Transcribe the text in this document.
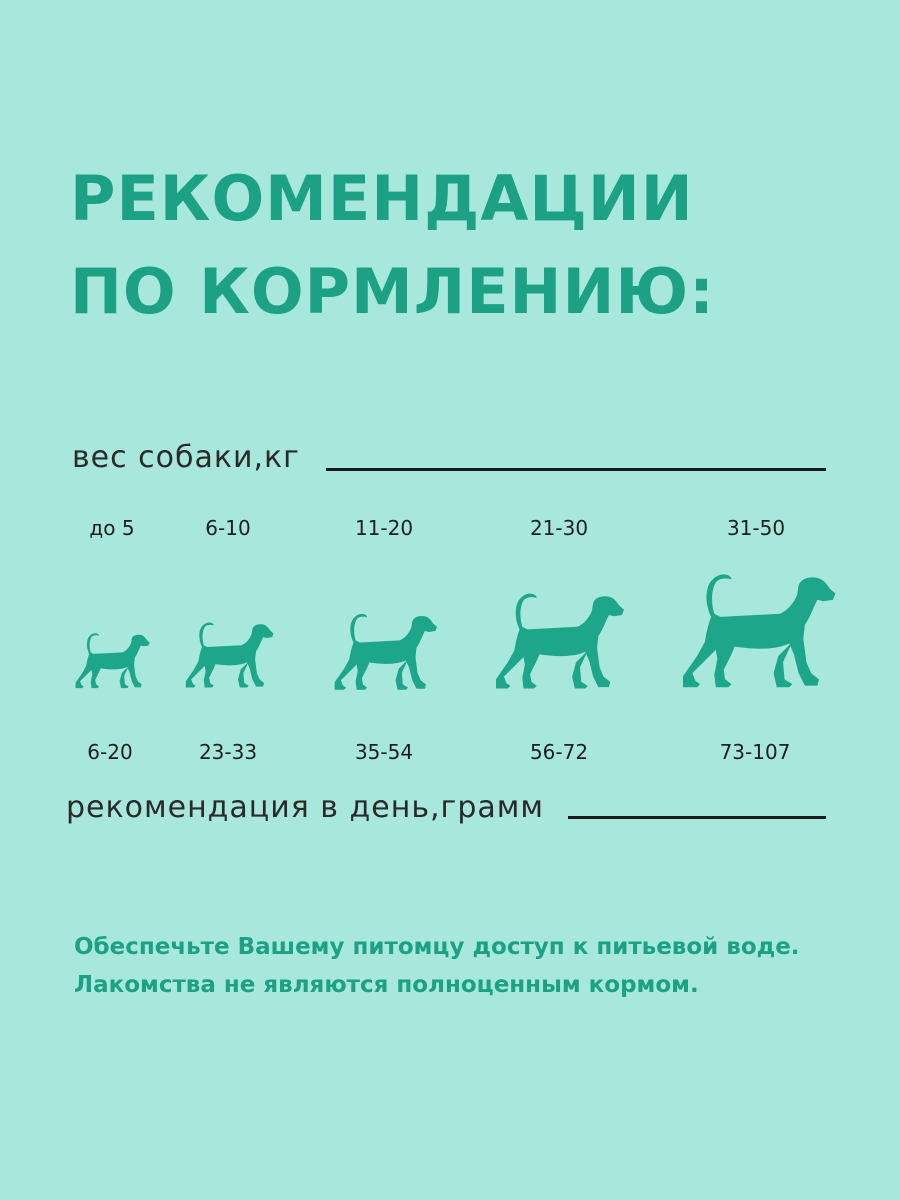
РЕКОМЕНДАЦИИ
ПО КОРМЛЕНИЮ:
вес собаки,кг
до 5	6-10	11-20	21-30	31-50
6-20	23-33	35-54	56-72	73-107
рекомендация в день,грамм
Обеспечьте Вашему питомцу доступ к питьевой воде.
Лакомства не являются полноценным кормом.
